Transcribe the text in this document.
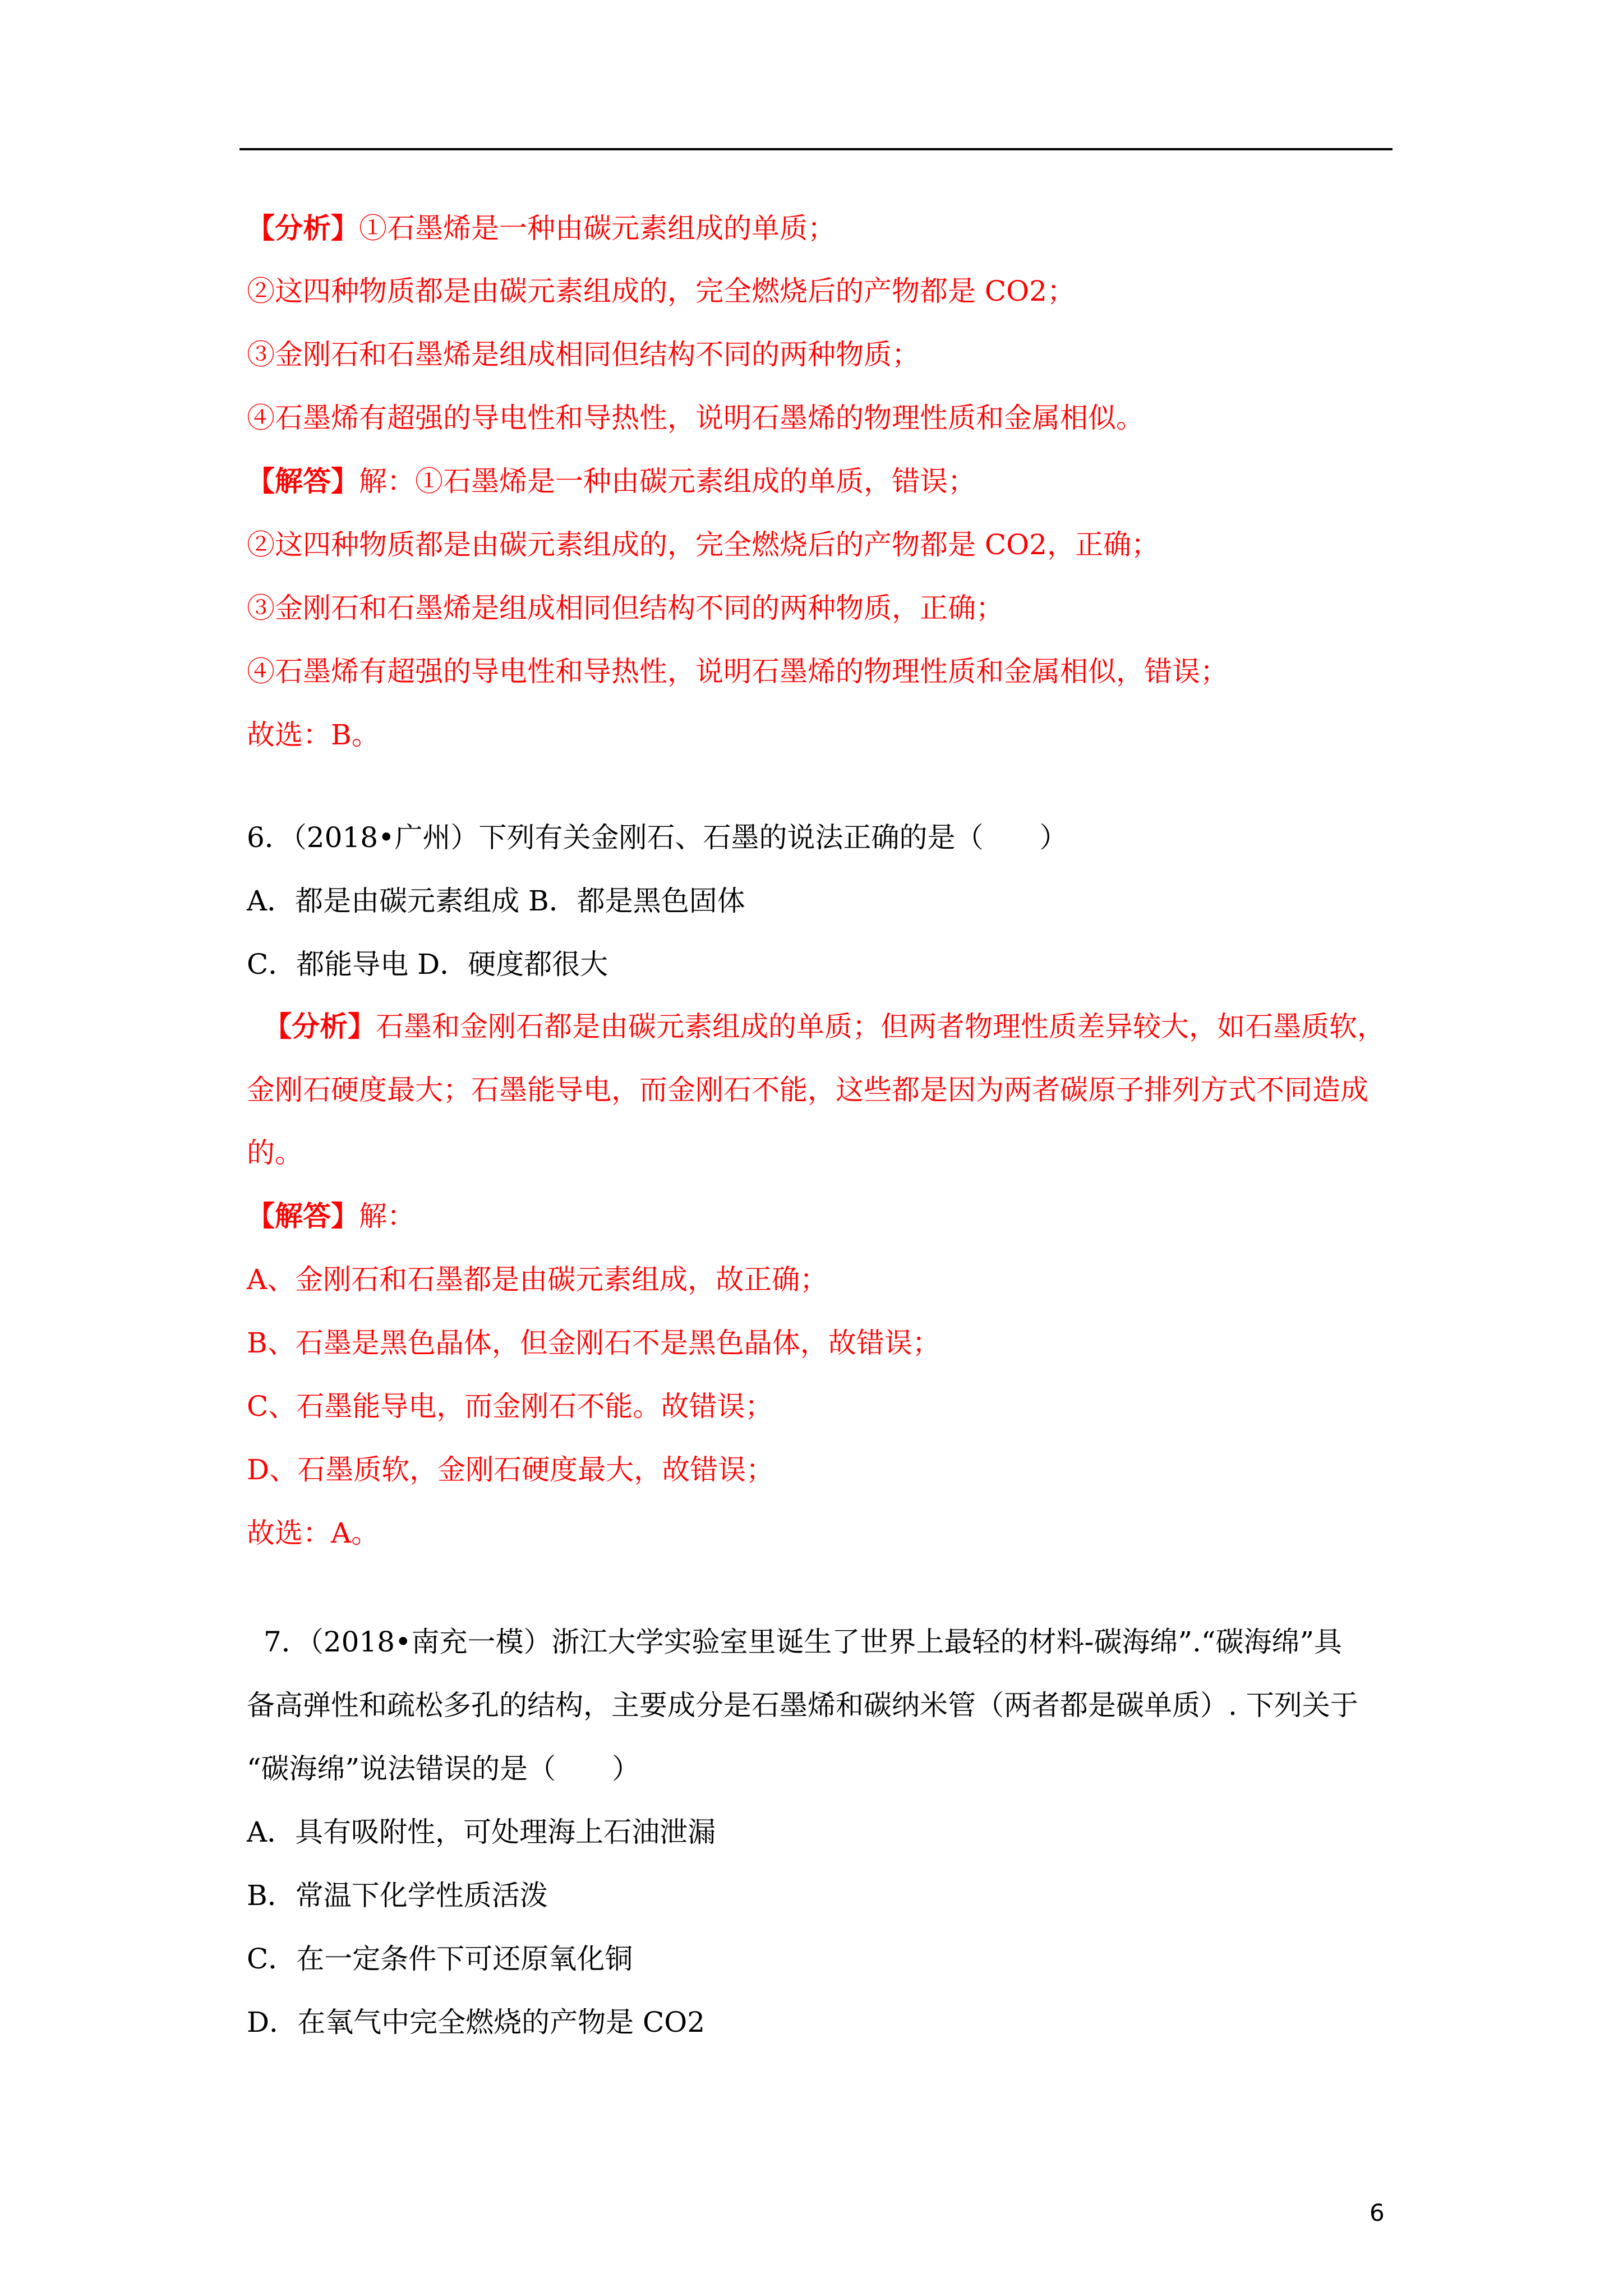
【分析】①石墨烯是一种由碳元素组成的单质；
②这四种物质都是由碳元素组成的，完全燃烧后的产物都是 CO2；
③金刚石和石墨烯是组成相同但结构不同的两种物质；
④石墨烯有超强的导电性和导热性，说明石墨烯的物理性质和金属相似。
【解答】解：①石墨烯是一种由碳元素组成的单质，错误；
②这四种物质都是由碳元素组成的，完全燃烧后的产物都是 CO2，正确；
③金刚石和石墨烯是组成相同但结构不同的两种物质，正确；
④石墨烯有超强的导电性和导热性，说明石墨烯的物理性质和金属相似，错误；
故选：B。
6．（2018•广州）下列有关金刚石、石墨的说法正确的是（　　）
A．都是由碳元素组成 B．都是黑色固体
C．都能导电 D．硬度都很大
【分析】石墨和金刚石都是由碳元素组成的单质；但两者物理性质差异较大，如石墨质软，
金刚石硬度最大；石墨能导电，而金刚石不能，这些都是因为两者碳原子排列方式不同造成
的。
【解答】解：
A、金刚石和石墨都是由碳元素组成，故正确；
B、石墨是黑色晶体，但金刚石不是黑色晶体，故错误；
C、石墨能导电，而金刚石不能。故错误；
D、石墨质软，金刚石硬度最大，故错误；
故选：A。
7．（2018•南充一模）浙江大学实验室里诞生了世界上最轻的材料-碳海绵”.“碳海绵”具
备高弹性和疏松多孔的结构，主要成分是石墨烯和碳纳米管（两者都是碳单质）. 下列关于
“碳海绵”说法错误的是（　　）
A．具有吸附性，可处理海上石油泄漏
B．常温下化学性质活泼
C．在一定条件下可还原氧化铜
D．在氧气中完全燃烧的产物是 CO2
6
